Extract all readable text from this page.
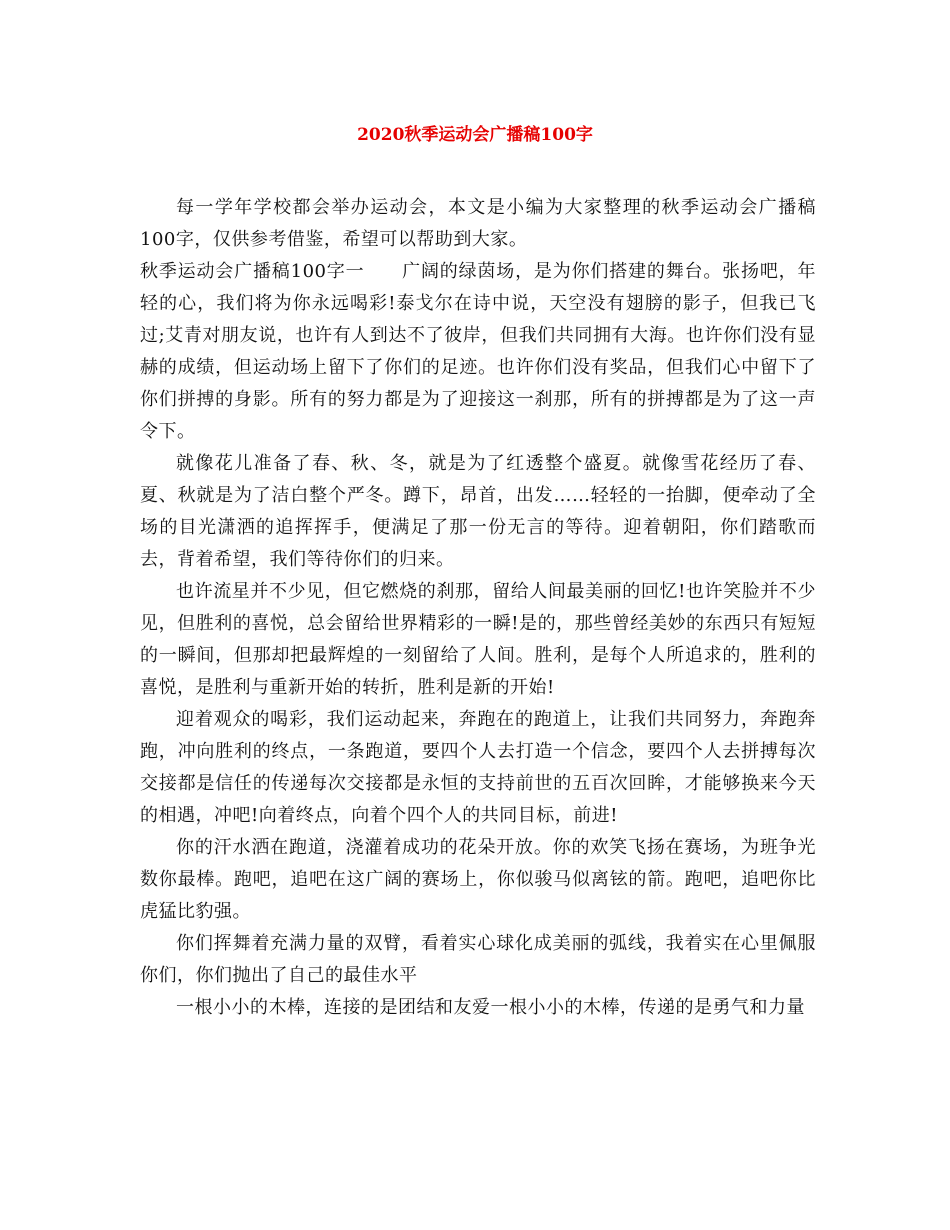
2020秋季运动会广播稿100字

每一学年学校都会举办运动会，本文是小编为大家整理的秋季运动会广播稿100字，仅供参考借鉴，希望可以帮助到大家。

秋季运动会广播稿100字一　　广阔的绿茵场，是为你们搭建的舞台。张扬吧，年轻的心，我们将为你永远喝彩!泰戈尔在诗中说，天空没有翅膀的影子，但我已飞过;艾青对朋友说，也许有人到达不了彼岸，但我们共同拥有大海。也许你们没有显赫的成绩，但运动场上留下了你们的足迹。也许你们没有奖品，但我们心中留下了你们拼搏的身影。所有的努力都是为了迎接这一刹那，所有的拼搏都是为了这一声令下。

就像花儿准备了春、秋、冬，就是为了红透整个盛夏。就像雪花经历了春、夏、秋就是为了洁白整个严冬。蹲下，昂首，出发……轻轻的一抬脚，便牵动了全场的目光潇洒的追挥挥手，便满足了那一份无言的等待。迎着朝阳，你们踏歌而去，背着希望，我们等待你们的归来。

也许流星并不少见，但它燃烧的刹那，留给人间最美丽的回忆!也许笑脸并不少见，但胜利的喜悦，总会留给世界精彩的一瞬!是的，那些曾经美妙的东西只有短短的一瞬间，但那却把最辉煌的一刻留给了人间。胜利，是每个人所追求的，胜利的喜悦，是胜利与重新开始的转折，胜利是新的开始!

迎着观众的喝彩，我们运动起来，奔跑在的跑道上，让我们共同努力，奔跑奔跑，冲向胜利的终点，一条跑道，要四个人去打造一个信念，要四个人去拼搏每次交接都是信任的传递每次交接都是永恒的支持前世的五百次回眸，才能够换来今天的相遇，冲吧!向着终点，向着个四个人的共同目标，前进!

你的汗水洒在跑道，浇灌着成功的花朵开放。你的欢笑飞扬在赛场，为班争光数你最棒。跑吧，追吧在这广阔的赛场上，你似骏马似离铉的箭。跑吧，追吧你比虎猛比豹强。

你们挥舞着充满力量的双臂，看着实心球化成美丽的弧线，我着实在心里佩服你们，你们抛出了自己的最佳水平

一根小小的木棒，连接的是团结和友爱一根小小的木棒，传递的是勇气和力量
